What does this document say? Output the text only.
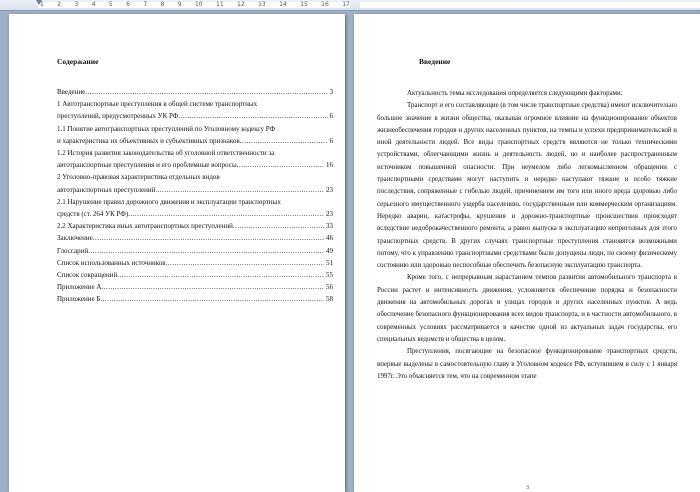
1 2 3 4 5 6 7 8 9 10 11 12 13 14 15 16 17
Содержание
Введение .....	3
1 Автотранспортные преступления в общей системе транспортных
преступлений, предусмотренных УК РФ .....	6
1.1 Понятие автотранспортных преступлений по Уголовному кодексу РФ
и характеристика их объективных и субъективных признаков .....	6
1.2 История развития законодательства об уголовной ответственности за
автотранспортные преступления и его проблемные вопросы .....	16
2 Уголовно-правовая характеристика отдельных видов
автотранспортных преступлений .....	23
2.1 Нарушение правил дорожного движения и эксплуатации транспортных
средств (ст. 264 УК РФ) .....	23
2.2 Характеристика иных автотранспортных преступлений .....	33
Заключение .....	46
Глоссарий .....	49
Список использованных источников .....	51
Список сокращений .....	55
Приложение А .....	56
Приложение Б .....	58
Введение

Актуальность темы исследования определяется следующими факторами.

Транспорт и его составляющие (в том числе транспортные средства) имеют исключительно большое значение в жизни общества, оказывая огромное влияние на функционирование объектов жизнеобеспечения городов и других населенных пунктов, на темпы и успехи предпринимательской и иной деятельности людей. Все виды транспортных средств являются не только техническими устройствами, облегчающими жизнь и деятельность людей, но и наиболее распространенным источником повышенной опасности. При неумелом либо легкомысленном обращении с транспортными средствами могут наступить и нередко наступают тяжкие и особо тяжкие последствия, сопряженные с гибелью людей, причинением им того или иного вреда здоровью либо серьезного имущественного ущерба населению, государственным или коммерческим организациям. Нередко аварии, катастрофы, крушения и дорожно-транспортные происшествия происходят вследствие недоброкачественного ремонта, а равно выпуска в эксплуатацию неприголных для этого транспортных средств. В других случаях транспортные преступления становятся возможными потому, что к управлению транспортными средствами были допущены люди, по своему физическому состоянию или здоровью неспособные обеспечить безопасную эксплуатацию транспорта.

Кроме того, с непрерывным нарастанием темпов развития автомобильного транспорта в России растет и интенсивность движения, усложняется обеспечение порядка и безопасности движения на автомобильных дорогах и улицах городов и других населенных пунктов. А ведь обеспечение безопасного функционирования всех видов транспорта, и в частности автомобильного, в современных условиях рассматривается в качестве одной из актуальных задач государства, его специальных ведомств и общества в целом.

Преступления, посягающие на безопасное функционирование транспортных средств, впервые выделены в самостоятельную главу в Уголовном кодексе РФ, вступившем в силу с 1 января 1997г. Это объясняется тем, что на современном этапе

3
